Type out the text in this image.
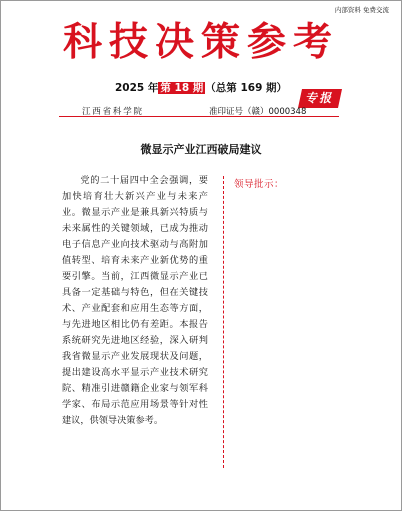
内部资料 免费交流
科技决策参考
2025 年 第 18 期 （总第 169 期）
专报
江西省科学院	准印证号（赣）0000348
微显示产业江西破局建议
党的二十届四中全会强调，要加快培育壮大新兴产业与未来产业。微显示产业是兼具新兴特质与未来属性的关键领域，已成为推动电子信息产业向技术驱动与高附加值转型、培育未来产业新优势的重要引擎。当前，江西微显示产业已具备一定基础与特色，但在关键技术、产业配套和应用生态等方面，与先进地区相比仍有差距。本报告系统研究先进地区经验，深入研判我省微显示产业发展现状及问题，提出建设高水平显示产业技术研究院、精准引进赣籍企业家与领军科学家、布局示范应用场景等针对性建议，供领导决策参考。
领导批示：
